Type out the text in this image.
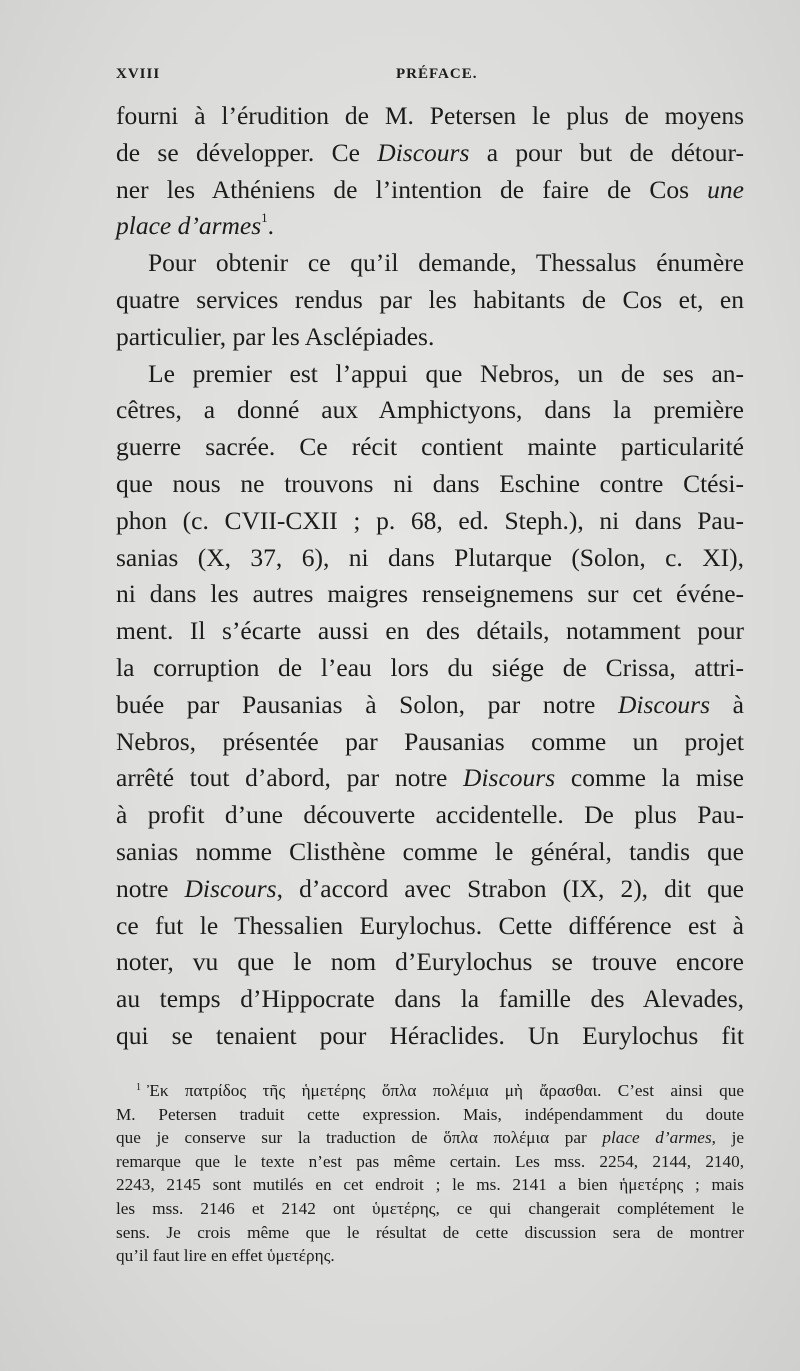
XVIII	PRÉFACE.
fourni à l’érudition de M. Petersen le plus de moyens
de se développer. Ce Discours a pour but de détour-
ner les Athéniens de l’intention de faire de Cos une
place d’armes$^1$.
Pour obtenir ce qu’il demande, Thessalus énumère
quatre services rendus par les habitants de Cos et, en
particulier, par les Asclépiades.
Le premier est l’appui que Nebros, un de ses an-
cêtres, a donné aux Amphictyons, dans la première
guerre sacrée. Ce récit contient mainte particularité
que nous ne trouvons ni dans Eschine contre Ctési-
phon (c. CVII-CXII ; p. 68, ed. Steph.), ni dans Pau-
sanias (X, 37, 6), ni dans Plutarque (Solon, c. XI),
ni dans les autres maigres renseignemens sur cet événe-
ment. Il s’écarte aussi en des détails, notamment pour
la corruption de l’eau lors du siége de Crissa, attri-
buée par Pausanias à Solon, par notre Discours à
Nebros, présentée par Pausanias comme un projet
arrêté tout d’abord, par notre Discours comme la mise
à profit d’une découverte accidentelle. De plus Pau-
sanias nomme Clisthène comme le général, tandis que
notre Discours, d’accord avec Strabon (IX, 2), dit que
ce fut le Thessalien Eurylochus. Cette différence est à
noter, vu que le nom d’Eurylochus se trouve encore
au temps d’Hippocrate dans la famille des Alevades,
qui se tenaient pour Héraclides. Un Eurylochus fit
$^1$ Ἐκ πατρίδος τῆς ἡμετέρης ὅπλα πολέμια μὴ ἄρασθαι. C’est ainsi que
M. Petersen traduit cette expression. Mais, indépendamment du doute
que je conserve sur la traduction de ὅπλα πολέμια par place d’armes, je
remarque que le texte n’est pas même certain. Les mss. 2254, 2144, 2140,
2243, 2145 sont mutilés en cet endroit ; le ms. 2141 a bien ἡμετέρης ; mais
les mss. 2146 et 2142 ont ὑμετέρης, ce qui changerait complétement le
sens. Je crois même que le résultat de cette discussion sera de montrer
qu’il faut lire en effet ὑμετέρης.
